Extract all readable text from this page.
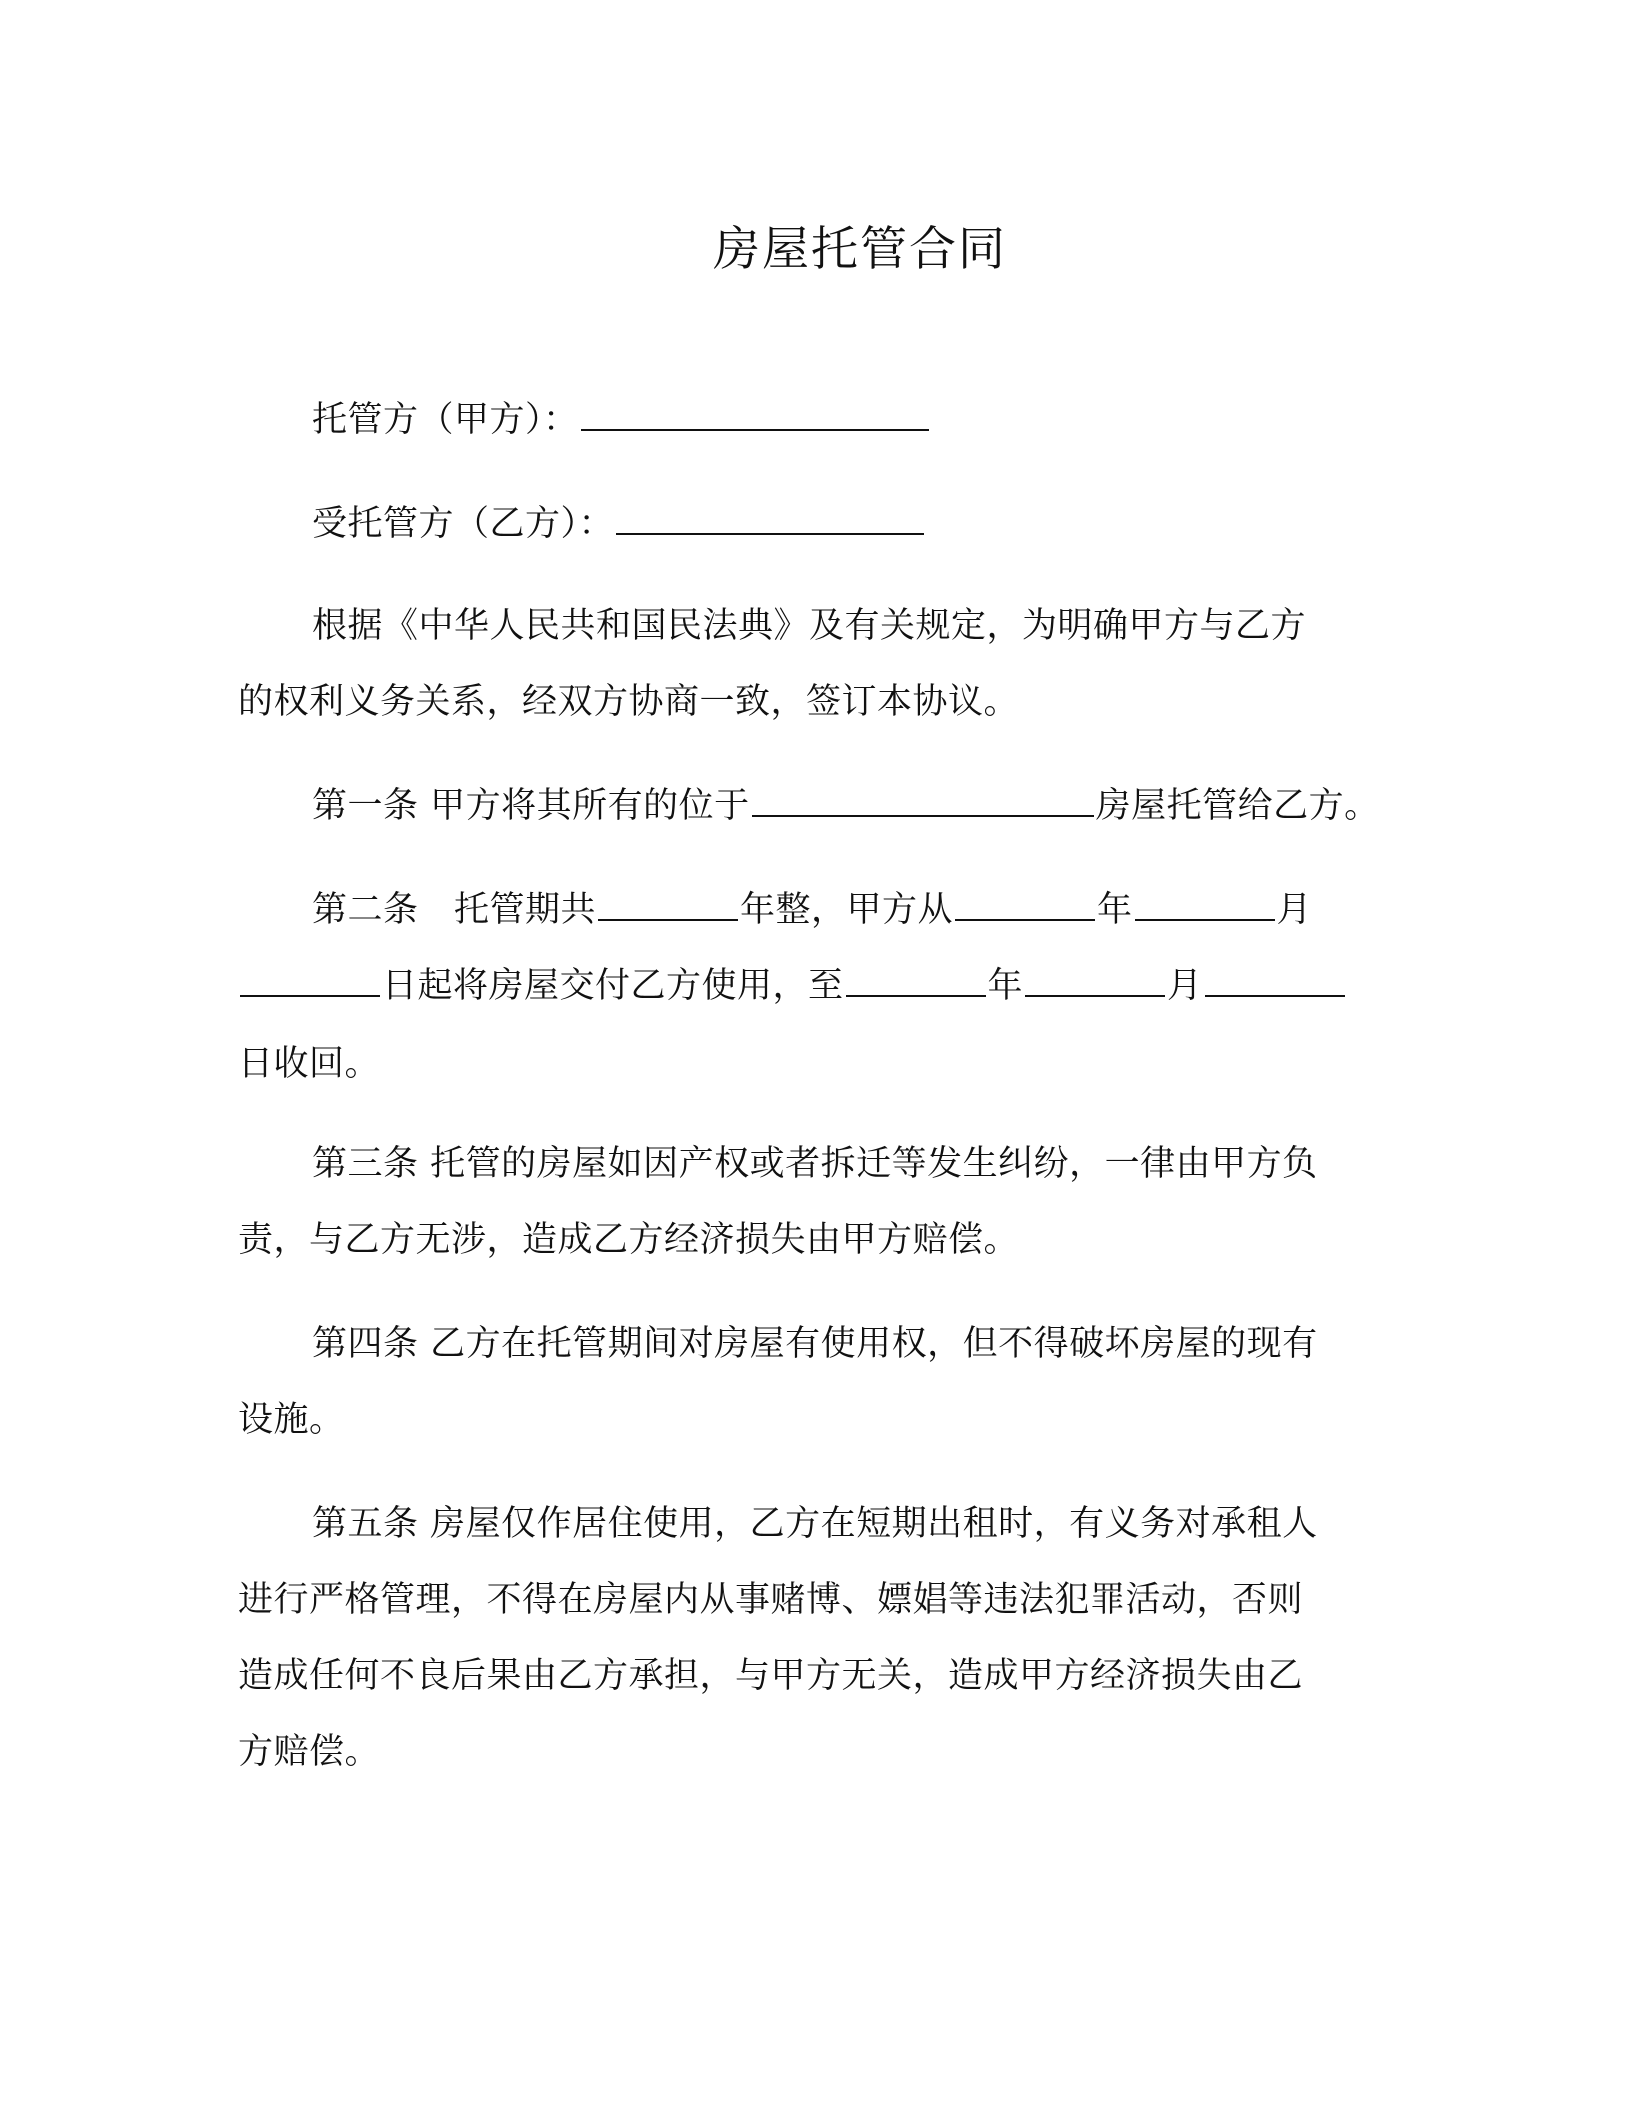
房屋托管合同
托管方（甲方）：
受托管方（乙方）：
根据《中华人民共和国民法典》及有关规定，为明确甲方与乙方
的权利义务关系，经双方协商一致，签订本协议。
第一条 甲方将其所有的位于	房屋托管给乙方。
第二条　托管期共	年整，甲方从	年	月
日起将房屋交付乙方使用，至	年	月
日收回。
第三条 托管的房屋如因产权或者拆迁等发生纠纷，一律由甲方负
责，与乙方无涉，造成乙方经济损失由甲方赔偿。
第四条 乙方在托管期间对房屋有使用权，但不得破坏房屋的现有
设施。
第五条 房屋仅作居住使用，乙方在短期出租时，有义务对承租人
进行严格管理，不得在房屋内从事赌博、嫖娼等违法犯罪活动，否则
造成任何不良后果由乙方承担，与甲方无关，造成甲方经济损失由乙
方赔偿。
